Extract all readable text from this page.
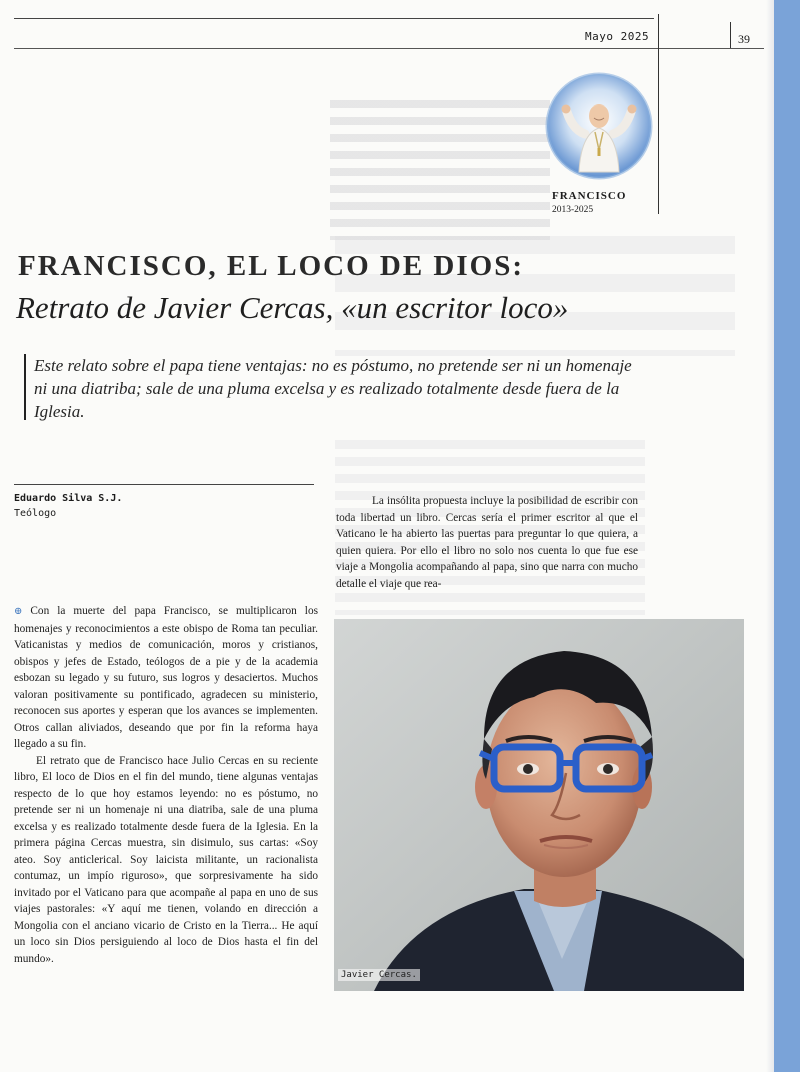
Mayo 2025	39
FRANCISCO
2013-2025
FRANCISCO, EL LOCO DE DIOS:
Retrato de Javier Cercas, «un escritor loco»
Este relato sobre el papa tiene ventajas: no es póstumo, no pretende ser ni un homenaje ni una diatriba; sale de una pluma excelsa y es realizado totalmente desde fuera de la Iglesia.
Eduardo Silva S.J.
Teólogo

La insólita propuesta incluye la posibilidad de escribir con toda libertad un libro. Cercas sería el primer escritor al que el Vaticano le ha abierto las puertas para preguntar lo que quiera, a quien quiera. Por ello el libro no solo nos cuenta lo que fue ese viaje a Mongolia acompañando al papa, sino que narra con mucho detalle el viaje que rea-

⊕ Con la muerte del papa Francisco, se multiplicaron los homenajes y reconocimientos a este obispo de Roma tan peculiar. Vaticanistas y medios de comunicación, moros y cristianos, obispos y jefes de Estado, teólogos de a pie y de la academia esbozan su legado y su futuro, sus logros y desaciertos. Muchos valoran positivamente su pontificado, agradecen su ministerio, reconocen sus aportes y esperan que los avances se implementen. Otros callan aliviados, deseando que por fin la reforma haya llegado a su fin.

El retrato que de Francisco hace Julio Cercas en su reciente libro, El loco de Dios en el fin del mundo, tiene algunas ventajas respecto de lo que hoy estamos leyendo: no es póstumo, no pretende ser ni un homenaje ni una diatriba, sale de una pluma excelsa y es realizado totalmente desde fuera de la Iglesia. En la primera página Cercas muestra, sin disimulo, sus cartas: «Soy ateo. Soy anticlerical. Soy laicista militante, un racionalista contumaz, un impío riguroso», que sorpresivamente ha sido invitado por el Vaticano para que acompañe al papa en uno de sus viajes pastorales: «Y aquí me tienen, volando en dirección a Mongolia con el anciano vicario de Cristo en la Tierra... He aquí un loco sin Dios persiguiendo al loco de Dios hasta el fin del mundo».

Javier Cercas.
